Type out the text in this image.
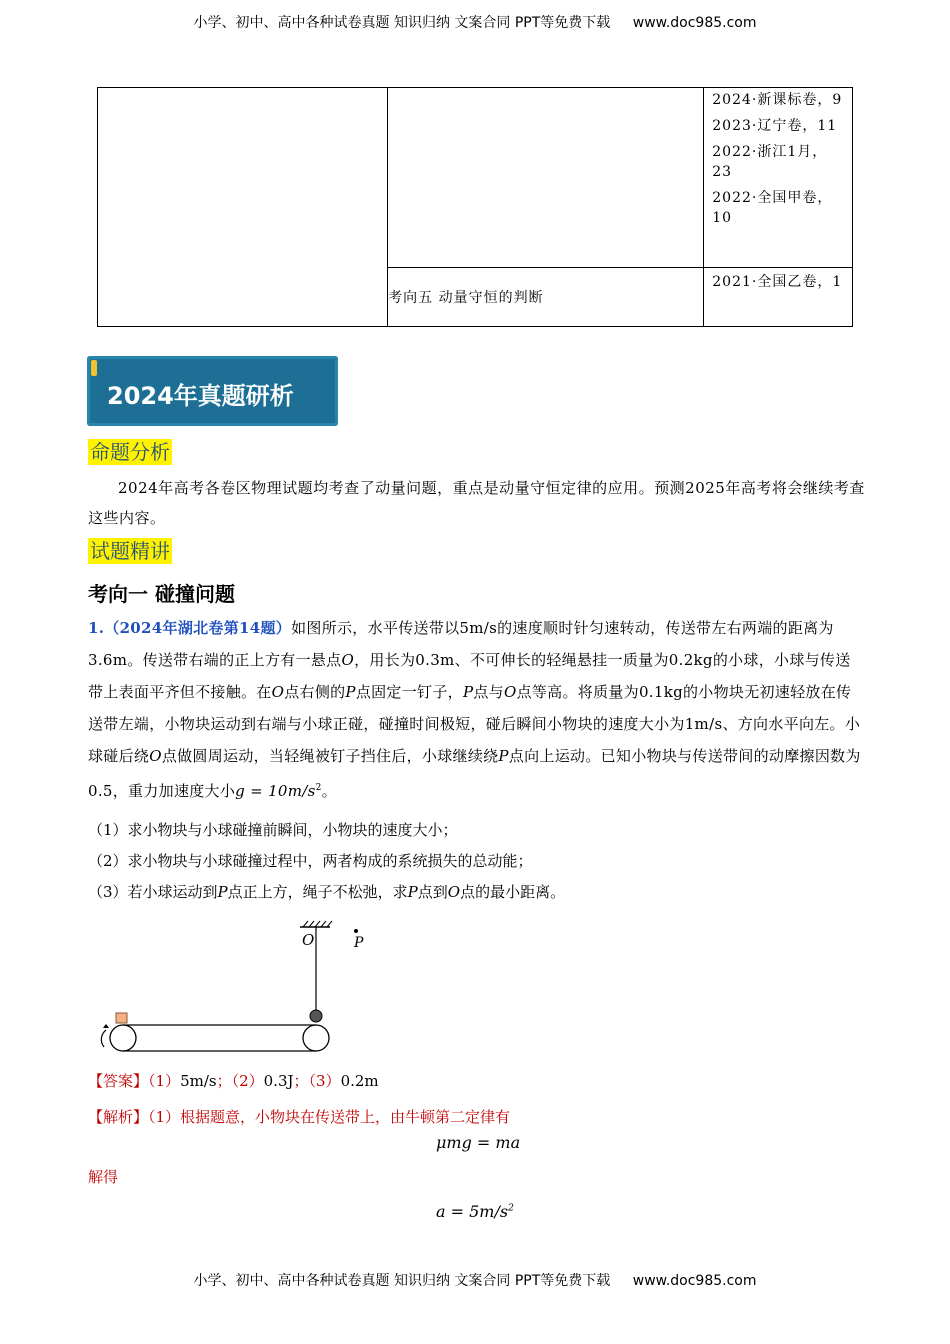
小学、初中、高中各种试卷真题 知识归纳 文案合同 PPT等免费下载 www.doc985.com

		2024·新课标卷，9
2023·辽宁卷，11
2022·浙江1月，23
2022·全国甲卷，10

	考向五 动量守恒的判断	2021·全国乙卷，1
2024年真题研析
命题分析
2024年高考各卷区物理试题均考查了动量问题，重点是动量守恒定律的应用。预测2025年高考将会继续考查这些内容。
试题精讲
考向一 碰撞问题
1.（2024年湖北卷第14题）如图所示，水平传送带以5m/s的速度顺时针匀速转动，传送带左右两端的距离为3.6m。传送带右端的正上方有一悬点O，用长为0.3m、不可伸长的轻绳悬挂一质量为0.2kg的小球，小球与传送带上表面平齐但不接触。在O点右侧的P点固定一钉子，P点与O点等高。将质量为0.1kg的小物块无初速轻放在传送带左端，小物块运动到右端与小球正碰，碰撞时间极短，碰后瞬间小物块的速度大小为1m/s、方向水平向左。小球碰后绕O点做圆周运动，当轻绳被钉子挡住后，小球继续绕P点向上运动。已知小物块与传送带间的动摩擦因数为0.5，重力加速度大小$g = 10m/s^2$。
（1）求小物块与小球碰撞前瞬间，小物块的速度大小；
（2）求小物块与小球碰撞过程中，两者构成的系统损失的总动能；
（3）若小球运动到P点正上方，绳子不松弛，求P点到O点的最小距离。
O	P
【答案】（1）5m/s；（2）0.3J；（3）0.2m
【解析】（1）根据题意，小物块在传送带上，由牛顿第二定律有
μmg = ma
解得
$a = 5m/s^2$
小学、初中、高中各种试卷真题 知识归纳 文案合同 PPT等免费下载 www.doc985.com
